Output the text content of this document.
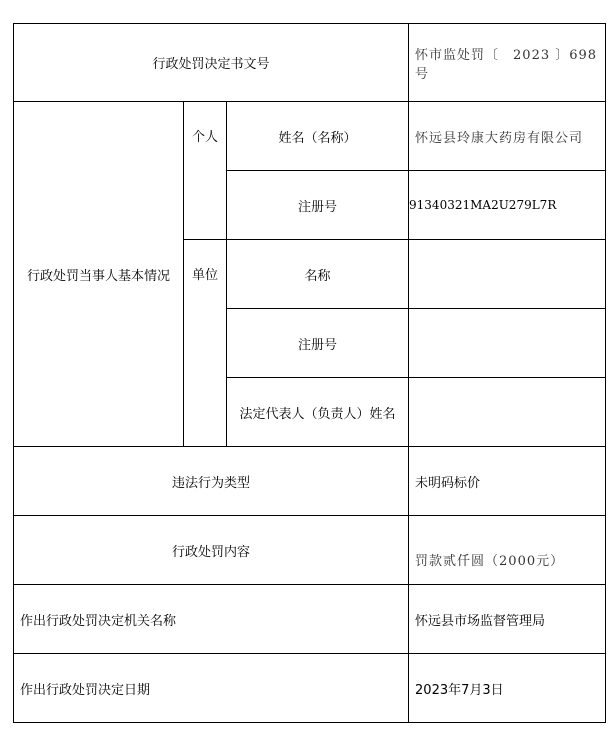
行政处罚决定书文号			怀市监处罚〔　2023 〕698号
行政处罚当事人基本情况	个人	姓名（名称）	怀远县玲康大药房有限公司
		注册号	91340321MA2U279L7R
	单位	名称	
		注册号	
		法定代表人（负责人）姓名	
违法行为类型			未明码标价
行政处罚内容			罚款贰仟圆（2000元）
作出行政处罚决定机关名称			怀远县市场监督管理局
作出行政处罚决定日期			2023年7月3日
